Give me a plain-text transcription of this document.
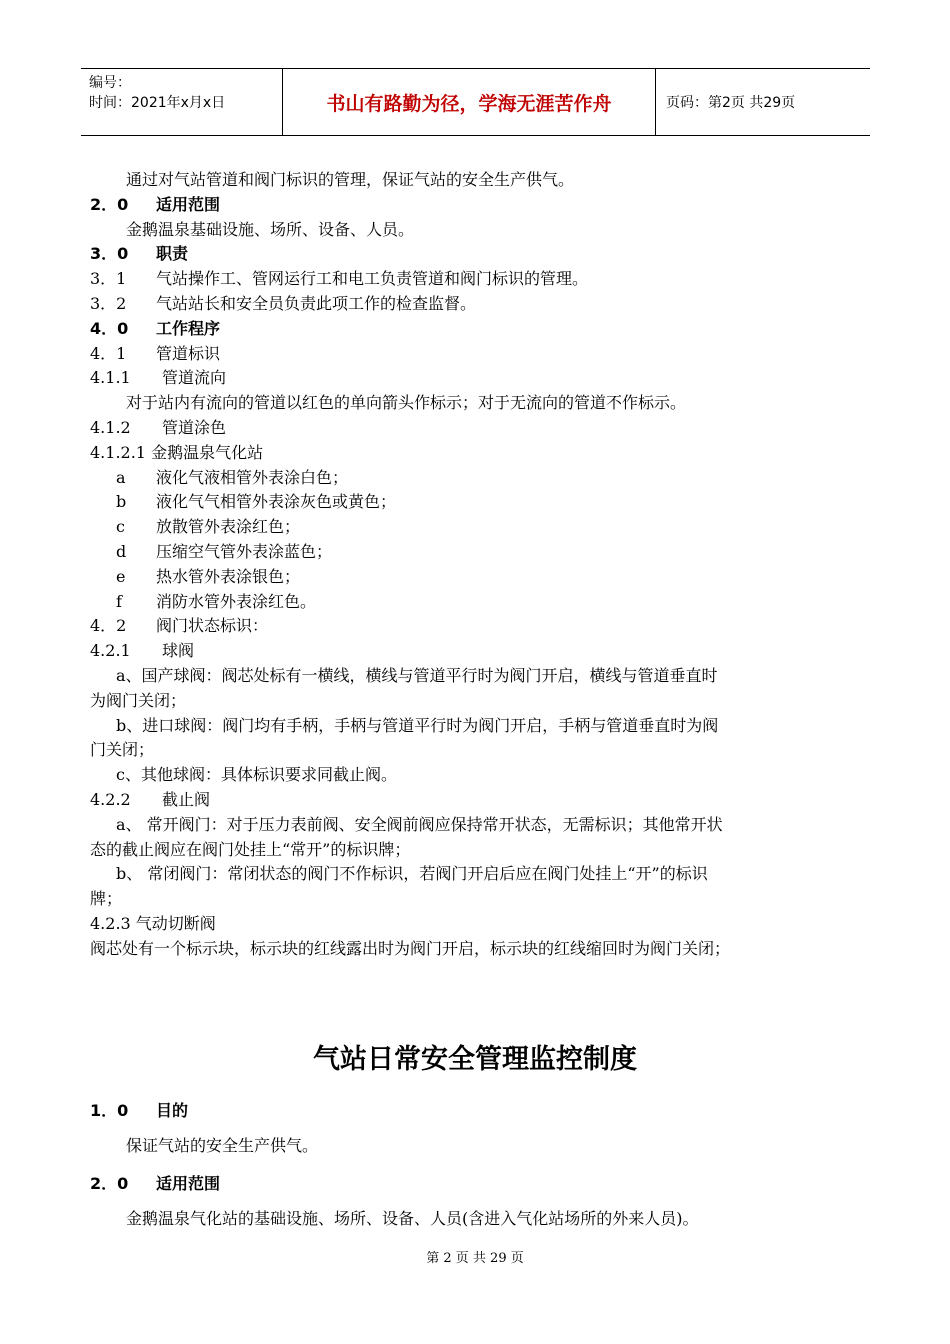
编号：
时间：2021年x月x日	书山有路勤为径，学海无涯苦作舟	页码：第2页 共29页
通过对气站管道和阀门标识的管理，保证气站的安全生产供气。
2．0 适用范围
金鹅温泉基础设施、场所、设备、人员。
3．0 职责
3．1 气站操作工、管网运行工和电工负责管道和阀门标识的管理。
3．2 气站站长和安全员负责此项工作的检查监督。
4．0 工作程序
4．1 管道标识
4.1.1 管道流向
对于站内有流向的管道以红色的单向箭头作标示；对于无流向的管道不作标示。
4.1.2 管道涂色
4.1.2.1 金鹅温泉气化站
a 液化气液相管外表涂白色；
b 液化气气相管外表涂灰色或黄色；
c 放散管外表涂红色；
d 压缩空气管外表涂蓝色；
e 热水管外表涂银色；
f 消防水管外表涂红色。
4．2 阀门状态标识：
4.2.1 球阀
a、国产球阀：阀芯处标有一横线，横线与管道平行时为阀门开启，横线与管道垂直时
为阀门关闭；
b、进口球阀：阀门均有手柄，手柄与管道平行时为阀门开启，手柄与管道垂直时为阀
门关闭；
c、其他球阀：具体标识要求同截止阀。
4.2.2 截止阀
a、 常开阀门：对于压力表前阀、安全阀前阀应保持常开状态，无需标识；其他常开状
态的截止阀应在阀门处挂上“常开”的标识牌；
b、 常闭阀门：常闭状态的阀门不作标识，若阀门开启后应在阀门处挂上“开”的标识
牌；
4.2.3 气动切断阀
阀芯处有一个标示块，标示块的红线露出时为阀门开启，标示块的红线缩回时为阀门关闭；
气站日常安全管理监控制度
1．0 目的
保证气站的安全生产供气。
2．0 适用范围
金鹅温泉气化站的基础设施、场所、设备、人员(含进入气化站场所的外来人员)。
第 2 页 共 29 页
